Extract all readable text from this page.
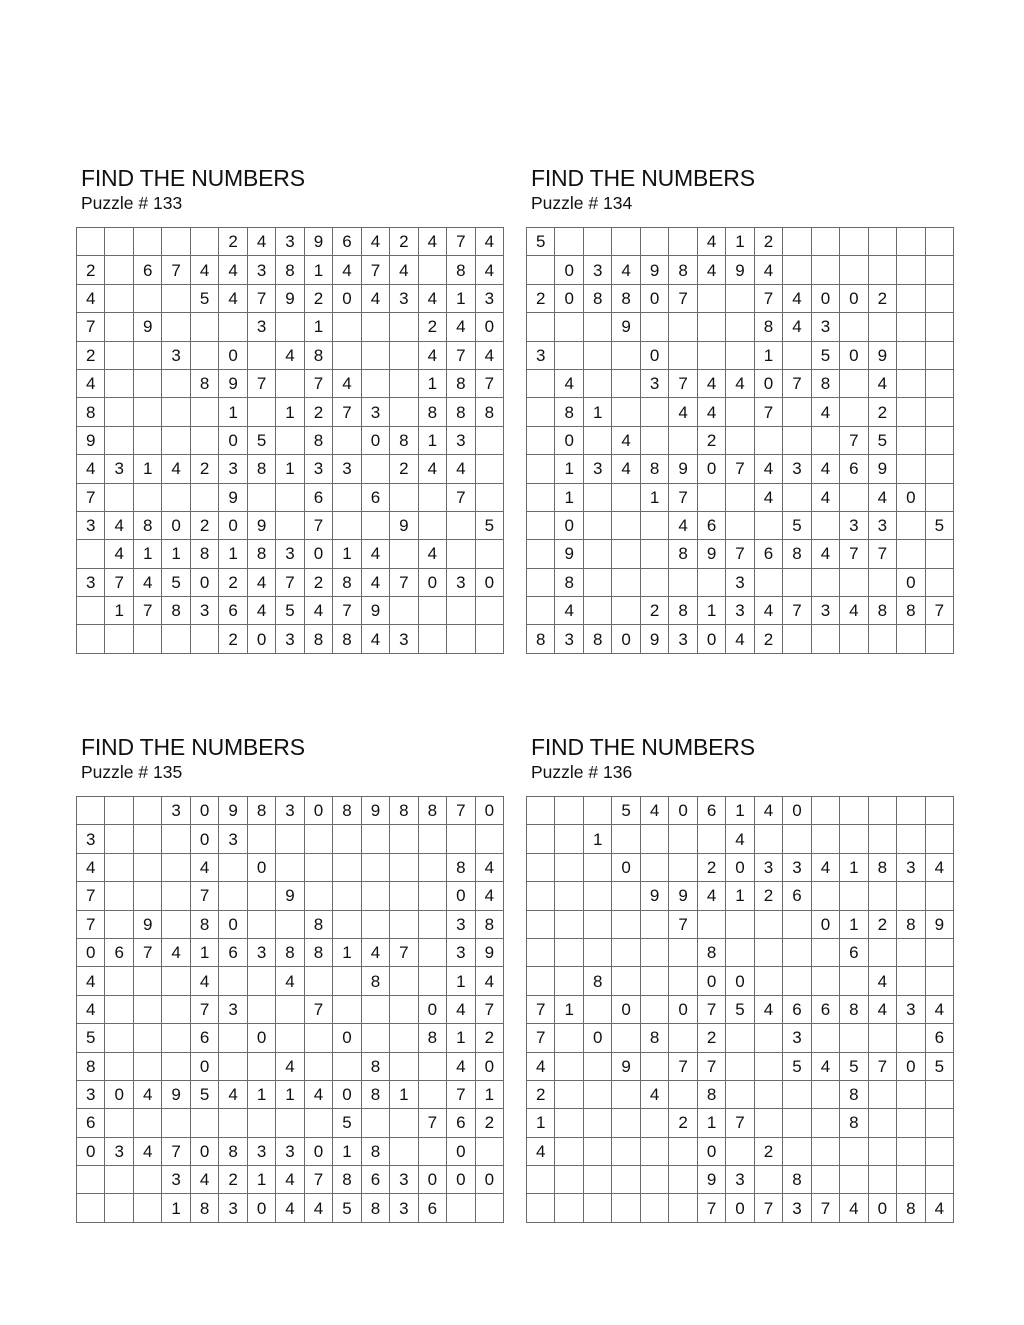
FIND THE NUMBERS
Puzzle # 133
					2	4	3	9	6	4	2	4	7	4
2		6	7	4	4	3	8	1	4	7	4		8	4
4				5	4	7	9	2	0	4	3	4	1	3
7		9				3		1				2	4	0
2			3		0		4	8				4	7	4
4				8	9	7		7	4			1	8	7
8					1		1	2	7	3		8	8	8
9					0	5		8		0	8	1	3	
4	3	1	4	2	3	8	1	3	3		2	4	4	
7					9			6		6			7	
3	4	8	0	2	0	9		7			9			5
	4	1	1	8	1	8	3	0	1	4		4		
3	7	4	5	0	2	4	7	2	8	4	7	0	3	0
	1	7	8	3	6	4	5	4	7	9				
					2	0	3	8	8	4	3			
FIND THE NUMBERS
Puzzle # 134
5						4	1	2						
	0	3	4	9	8	4	9	4						
2	0	8	8	0	7			7	4	0	0	2		
			9					8	4	3				
3				0				1		5	0	9		
	4			3	7	4	4	0	7	8		4		
	8	1			4	4		7		4		2		
	0		4			2					7	5		
	1	3	4	8	9	0	7	4	3	4	6	9		
	1			1	7			4		4		4	0	
	0				4	6			5		3	3		5
	9				8	9	7	6	8	4	7	7		
	8						3						0	
	4			2	8	1	3	4	7	3	4	8	8	7
8	3	8	0	9	3	0	4	2						
FIND THE NUMBERS
Puzzle # 135
			3	0	9	8	3	0	8	9	8	8	7	0
3				0	3									
4				4		0							8	4
7				7			9						0	4
7		9		8	0			8					3	8
0	6	7	4	1	6	3	8	8	1	4	7		3	9
4				4			4			8			1	4
4				7	3			7				0	4	7
5				6		0			0			8	1	2
8				0			4			8			4	0
3	0	4	9	5	4	1	1	4	0	8	1		7	1
6									5			7	6	2
0	3	4	7	0	8	3	3	0	1	8			0	
			3	4	2	1	4	7	8	6	3	0	0	0
			1	8	3	0	4	4	5	8	3	6		
FIND THE NUMBERS
Puzzle # 136
			5	4	0	6	1	4	0					
		1					4							
			0			2	0	3	3	4	1	8	3	4
				9	9	4	1	2	6					
					7					0	1	2	8	9
						8					6			
		8				0	0					4		
7	1		0		0	7	5	4	6	6	8	4	3	4
7		0		8		2			3					6
4			9		7	7			5	4	5	7	0	5
2				4		8					8			
1					2	1	7				8			
4						0		2						
						9	3		8					
						7	0	7	3	7	4	0	8	4
